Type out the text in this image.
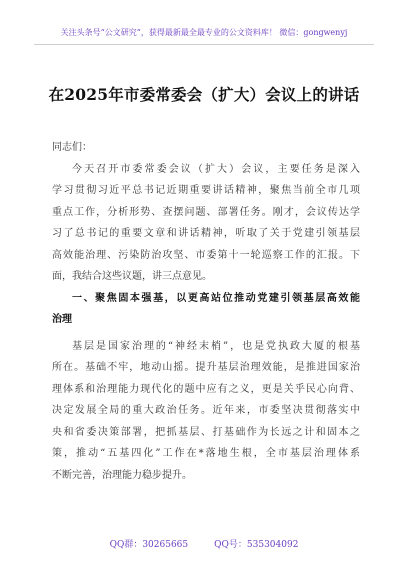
关注头条号“公文研究”，获得最新最全最专业的公文资料库！ 微信：gongwenyj
在2025年市委常委会（扩大）会议上的讲话
同志们：
今天召开市委常委会议（扩大）会议，主要任务是深入
学习贯彻习近平总书记近期重要讲话精神，聚焦当前全市几项
重点工作，分析形势、查摆问题、部署任务。刚才，会议传达学
习了总书记的重要文章和讲话精神，听取了关于党建引领基层
高效能治理、污染防治攻坚、市委第十一轮巡察工作的汇报。下
面，我结合这些议题，讲三点意见。
一、聚焦固本强基，以更高站位推动党建引领基层高效能
治理
基层是国家治理的“神经末梢”，也是党执政大厦的根基
所在。基础不牢，地动山摇。提升基层治理效能，是推进国家治
理体系和治理能力现代化的题中应有之义，更是关乎民心向背、
决定发展全局的重大政治任务。近年来，市委坚决贯彻落实中
央和省委决策部署，把抓基层、打基础作为长远之计和固本之
策，推动“五基四化”工作在*落地生根，全市基层治理体系
不断完善，治理能力稳步提升。
QQ群：30265665	QQ号：535304092
